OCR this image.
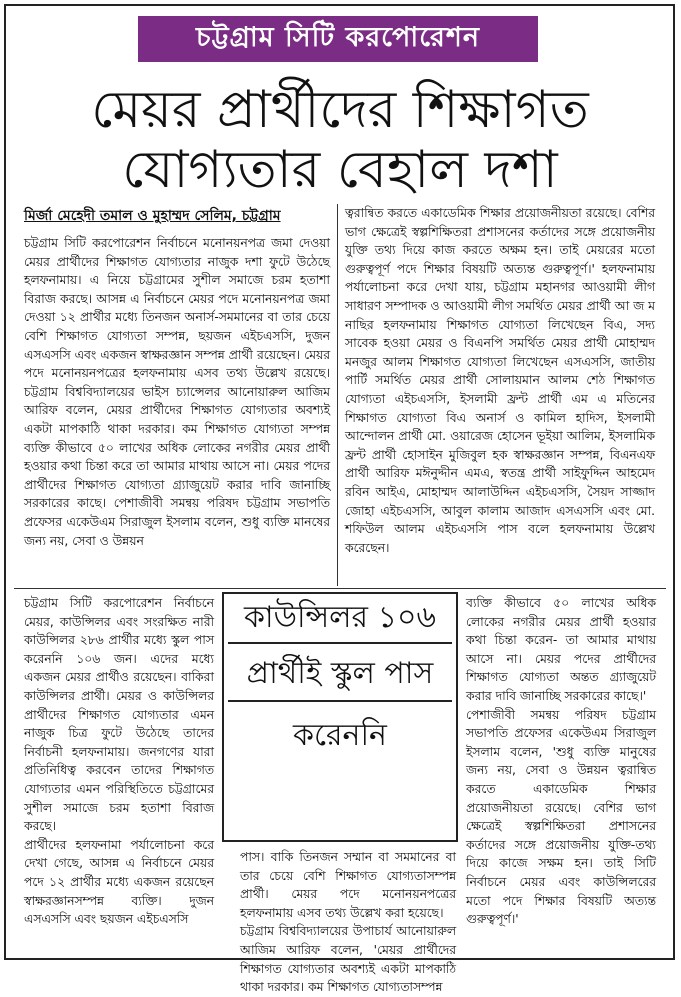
চট্টগ্রাম সিটি করপোরেশন
মেয়র প্রার্থীদের শিক্ষাগত
যোগ্যতার বেহাল দশা
মির্জা মেহেদী তমাল ও মুহাম্মদ সেলিম, চট্টগ্রাম

চট্টগ্রাম সিটি করপোরেশন নির্বাচনে মনোনয়নপত্র জমা দেওয়া মেয়র প্রার্থীদের শিক্ষাগত যোগ্যতার নাজুক দশা ফুটে উঠেছে হলফনামায়। এ নিয়ে চট্টগ্রামের সুশীল সমাজে চরম হতাশা বিরাজ করছে। আসন্ন এ নির্বাচনে মেয়র পদে মনোনয়নপত্র জমা দেওয়া ১২ প্রার্থীর মধ্যে তিনজন অনার্স-সমমানের বা তার চেয়ে বেশি শিক্ষাগত যোগ্যতা সম্পন্ন, ছয়জন এইচএসসি, দুজন এসএসসি এবং একজন স্বাক্ষরজ্ঞান সম্পন্ন প্রার্থী রয়েছেন। মেয়র পদে মনোনয়নপত্রের হলফনামায় এসব তথ্য উল্লেখ রয়েছে। চট্টগ্রাম বিশ্ববিদ্যালয়ের ভাইস চ্যান্সেলর আনোয়ারুল আজিম আরিফ বলেন, মেয়র প্রার্থীদের শিক্ষাগত যোগ্যতার অবশ্যই একটা মাপকাঠি থাকা দরকার। কম শিক্ষাগত যোগ্যতা সম্পন্ন ব্যক্তি কীভাবে ৫০ লাখের অধিক লোকের নগরীর মেয়র প্রার্থী হওয়ার কথা চিন্তা করে তা আমার মাথায় আসে না। মেয়র পদের প্রার্থীদের শিক্ষাগত যোগ্যতা গ্র্যাজুয়েট করার দাবি জানাচ্ছি সরকারের কাছে। পেশাজীবী সমন্বয় পরিষদ চট্টগ্রাম সভাপতি প্রফেসর একেউএম সিরাজুল ইসলাম বলেন, শুধু ব্যক্তি মানষের জন্য নয়, সেবা ও উন্নয়ন

ত্বরান্বিত করতে একাডেমিক শিক্ষার প্রয়োজনীয়তা রয়েছে। বেশির ভাগ ক্ষেত্রেই স্বল্পশিক্ষিতরা প্রশাসনের কর্তাদের সঙ্গে প্রয়োজনীয় যুক্তি তথ্য দিয়ে কাজ করতে অক্ষম হন। তাই মেয়রের মতো গুরুত্বপূর্ণ পদে শিক্ষার বিষয়টি অত্যন্ত গুরুত্বপূর্ণ।' হলফনামায় পর্যালোচনা করে দেখা যায়, চট্টগ্রাম মহানগর আওয়ামী লীগ সাধারণ সম্পাদক ও আওয়ামী লীগ সমর্থিত মেয়র প্রার্থী আ জ ম নাছির হলফনামায় শিক্ষাগত যোগ্যতা লিখেছেন বিএ, সদ্য সাবেক হওয়া মেয়র ও বিএনপি সমর্থিত মেয়র প্রার্থী মোহাম্মদ মনজুর আলম শিক্ষাগত যোগ্যতা লিখেছেন এসএসসি, জাতীয় পার্টি সমর্থিত মেয়র প্রার্থী সোলায়মান আলম শেঠ শিক্ষাগত যোগ্যতা এইচএসসি, ইসলামী ফ্রন্ট প্রার্থী এম এ মতিনের শিক্ষাগত যোগ্যতা বিএ অনার্স ও কামিল হাদিস, ইসলামী আন্দোলন প্রার্থী মো. ওয়ারেজ হোসেন ভূইয়া আলিম, ইসলামিক ফ্রন্ট প্রার্থী হোসাইন মুজিবুল হক স্বাক্ষরজ্ঞান সম্পন্ন, বিএনএফ প্রার্থী আরিফ মঈনুদ্দীন এমএ, স্বতন্ত্র প্রার্থী সাইফুদ্দিন আহমেদ রবিন আইএ, মোহাম্মদ আলাউদ্দিন এইচএসসি, সৈয়দ সাজ্জাদ জোহা এইচএসসি, আবুল কালাম আজাদ এসএসসি এবং মো. শফিউল আলম এইচএসসি পাস বলে হলফনামায় উল্লেখ করেছেন।

চট্টগ্রাম সিটি করপোরেশন নির্বাচনে মেয়র, কাউন্সিলর এবং সংরক্ষিত নারী কাউন্সিলর ২৮৬ প্রার্থীর মধ্যে স্কুল পাস করেননি ১০৬ জন। এদের মধ্যে একজন মেয়র প্রার্থীও রয়েছেন। বাকিরা কাউন্সিলর প্রার্থী। মেয়র ও কাউন্সিলর প্রার্থীদের শিক্ষাগত যোগ্যতার এমন নাজুক চিত্র ফুটে উঠেছে তাদের নির্বাচনী হলফনামায়। জনগণের যারা প্রতিনিধিত্ব করবেন তাদের শিক্ষাগত যোগ্যতার এমন পরিস্থিতিতে চট্টগ্রামের সুশীল সমাজে চরম হতাশা বিরাজ করছে।

প্রার্থীদের হলফনামা পর্যালোচনা করে দেখা গেছে, আসন্ন এ নির্বাচনে মেয়র পদে ১২ প্রার্থীর মধ্যে একজন রয়েছেন স্বাক্ষরজ্ঞানসম্পন্ন ব্যক্তি। দুজন এসএসসি এবং ছয়জন এইচএসসি

কাউন্সিলর ১০৬
প্রার্থীই স্কুল পাস
করেননি

পাস। বাকি তিনজন সম্মান বা সমমানের বা তার চেয়ে বেশি শিক্ষাগত যোগ্যতাসম্পন্ন প্রার্থী। মেয়র পদে মনোনয়নপত্রের হলফনামায় এসব তথ্য উল্লেখ করা হয়েছে।

চট্টগ্রাম বিশ্ববিদ্যালয়ের উপাচার্য আনোয়ারুল আজিম আরিফ বলেন, 'মেয়র প্রার্থীদের শিক্ষাগত যোগ্যতার অবশ্যই একটা মাপকাঠি থাকা দরকার। কম শিক্ষাগত যোগ্যতাসম্পন্ন

ব্যক্তি কীভাবে ৫০ লাখের অধিক লোকের নগরীর মেয়র প্রার্থী হওয়ার কথা চিন্তা করেন- তা আমার মাথায় আসে না। মেয়র পদের প্রার্থীদের শিক্ষাগত যোগ্যতা অন্তত গ্র্যাজুয়েট করার দাবি জানাচ্ছি সরকারের কাছে।'

পেশাজীবী সমন্বয় পরিষদ চট্টগ্রাম সভাপতি প্রফেসর একেউএম সিরাজুল ইসলাম বলেন, 'শুধু ব্যক্তি মানুষের জন্য নয়, সেবা ও উন্নয়ন ত্বরান্বিত করতে একাডেমিক শিক্ষার প্রয়োজনীয়তা রয়েছে। বেশির ভাগ ক্ষেত্রেই স্বল্পশিক্ষিতরা প্রশাসনের কর্তাদের সঙ্গে প্রয়োজনীয় যুক্তি-তথ্য দিয়ে কাজে সক্ষম হন। তাই সিটি নির্বাচনে মেয়র এবং কাউন্সিলরের মতো পদে শিক্ষার বিষয়টি অত্যন্ত গুরুত্বপূর্ণ।'
